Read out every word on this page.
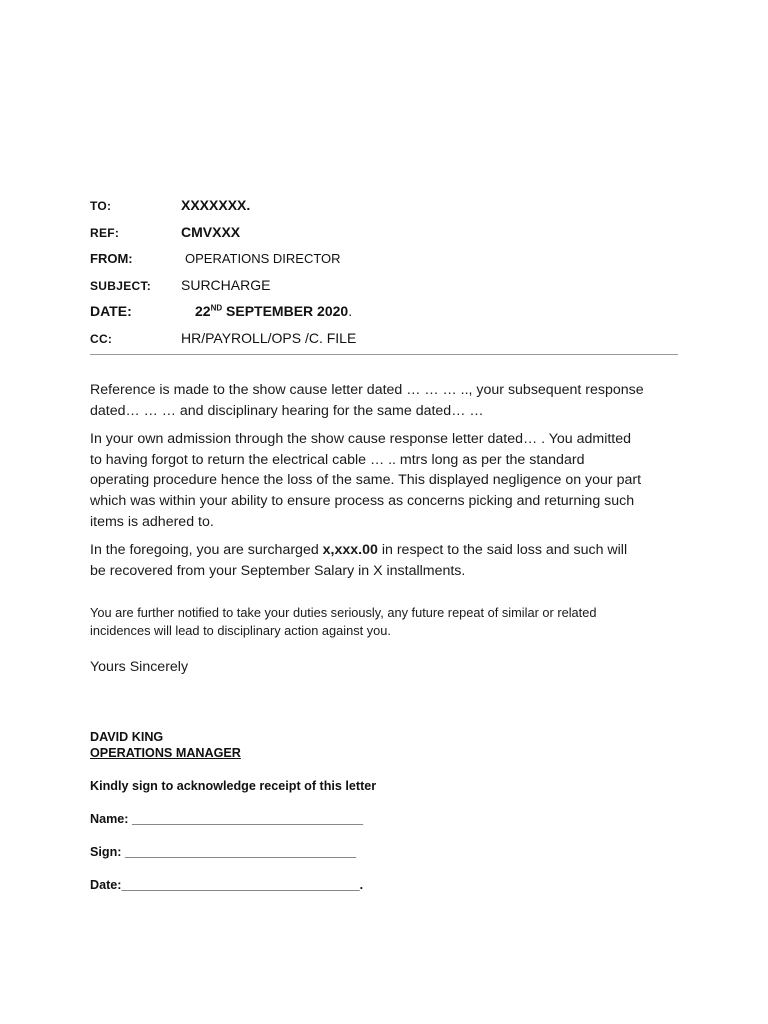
TO:	XXXXXXX.
REF:	CMVXXX
FROM:	OPERATIONS DIRECTOR
SUBJECT: SURCHARGE
DATE:	22ND SEPTEMBER 2020.
CC:	HR/PAYROLL/OPS /C. FILE

Reference is made to the show cause letter dated … … … .., your subsequent response
dated… … … and disciplinary hearing for the same dated… …

In your own admission through the show cause response letter dated… . You admitted
to having forgot to return the electrical cable … .. mtrs long as per the standard
operating procedure hence the loss of the same. This displayed negligence on your part
which was within your ability to ensure process as concerns picking and returning such
items is adhered to.

In the foregoing, you are surcharged x,xxx.00 in respect to the said loss and such will
be recovered from your September Salary in X installments.

You are further notified to take your duties seriously, any future repeat of similar or related
incidences will lead to disciplinary action against you.

Yours Sincerely

DAVID KING
OPERATIONS MANAGER
Kindly sign to acknowledge receipt of this letter
Name: _________________________________
Sign: _________________________________
Date:__________________________________.
